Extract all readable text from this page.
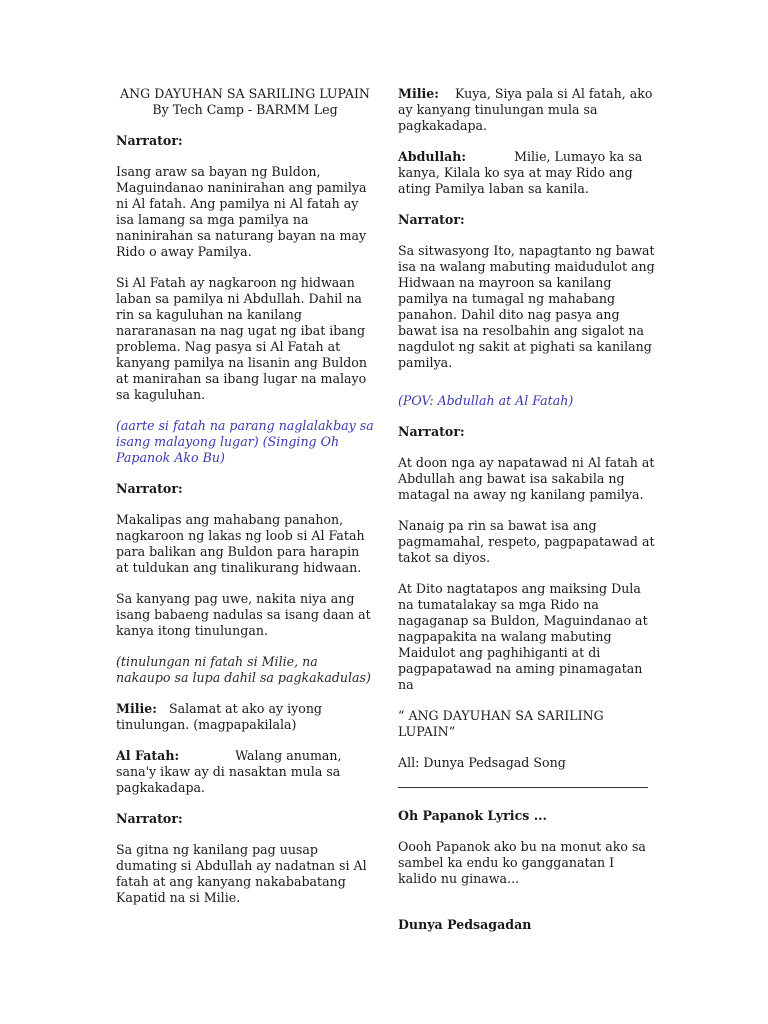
ANG DAYUHAN SA SARILING LUPAIN
By Tech Camp - BARMM Leg

Narrator:

Isang araw sa bayan ng Buldon, Maguindanao naninirahan ang pamilya ni Al fatah. Ang pamilya ni Al fatah ay isa lamang sa mga pamilya na naninirahan sa naturang bayan na may Rido o away Pamilya.

Si Al Fatah ay nagkaroon ng hidwaan laban sa pamilya ni Abdullah. Dahil na rin sa kaguluhan na kanilang nararanasan na nag ugat ng ibat ibang problema. Nag pasya si Al Fatah at kanyang pamilya na lisanin ang Buldon at manirahan sa ibang lugar na malayo sa kaguluhan.

(aarte si fatah na parang naglalakbay sa isang malayong lugar) (Singing Oh Papanok Ako Bu)

Narrator:

Makalipas ang mahabang panahon, nagkaroon ng lakas ng loob si Al Fatah para balikan ang Buldon para harapin at tuldukan ang tinalikurang hidwaan.

Sa kanyang pag uwe, nakita niya ang isang babaeng nadulas sa isang daan at kanya itong tinulungan.

(tinulungan ni fatah si Milie, na nakaupo sa lupa dahil sa pagkakadulas)

Milie: Salamat at ako ay iyong tinulungan. (magpapakilala)

Al Fatah:	Walang anuman, sana'y ikaw ay di nasaktan mula sa pagkakadapa.

Narrator:

Sa gitna ng kanilang pag uusap dumating si Abdullah ay nadatnan si Al fatah at ang kanyang nakababatang Kapatid na si Milie.

Milie: Kuya, Siya pala si Al fatah, ako ay kanyang tinulungan mula sa pagkakadapa.

Abdullah:	Milie, Lumayo ka sa kanya, Kilala ko sya at may Rido ang ating Pamilya laban sa kanila.

Narrator:

Sa sitwasyong Ito, napagtanto ng bawat isa na walang mabuting maidudulot ang Hidwaan na mayroon sa kanilang pamilya na tumagal ng mahabang panahon. Dahil dito nag pasya ang bawat isa na resolbahin ang sigalot na nagdulot ng sakit at pighati sa kanilang pamilya.

(POV: Abdullah at Al Fatah)

Narrator:

At doon nga ay napatawad ni Al fatah at Abdullah ang bawat isa sakabila ng matagal na away ng kanilang pamilya.

Nanaig pa rin sa bawat isa ang pagmamahal, respeto, pagpapatawad at takot sa diyos.

At Dito nagtatapos ang maiksing Dula na tumatalakay sa mga Rido na nagaganap sa Buldon, Maguindanao at nagpapakita na walang mabuting Maidulot ang paghihiganti at di pagpapatawad na aming pinamagatan na

“ ANG DAYUHAN SA SARILING LUPAIN”

All: Dunya Pedsagad Song

Oh Papanok Lyrics ...

Oooh Papanok ako bu na monut ako sa sambel ka endu ko gangganatan I kalido nu ginawa...

Dunya Pedsagadan
